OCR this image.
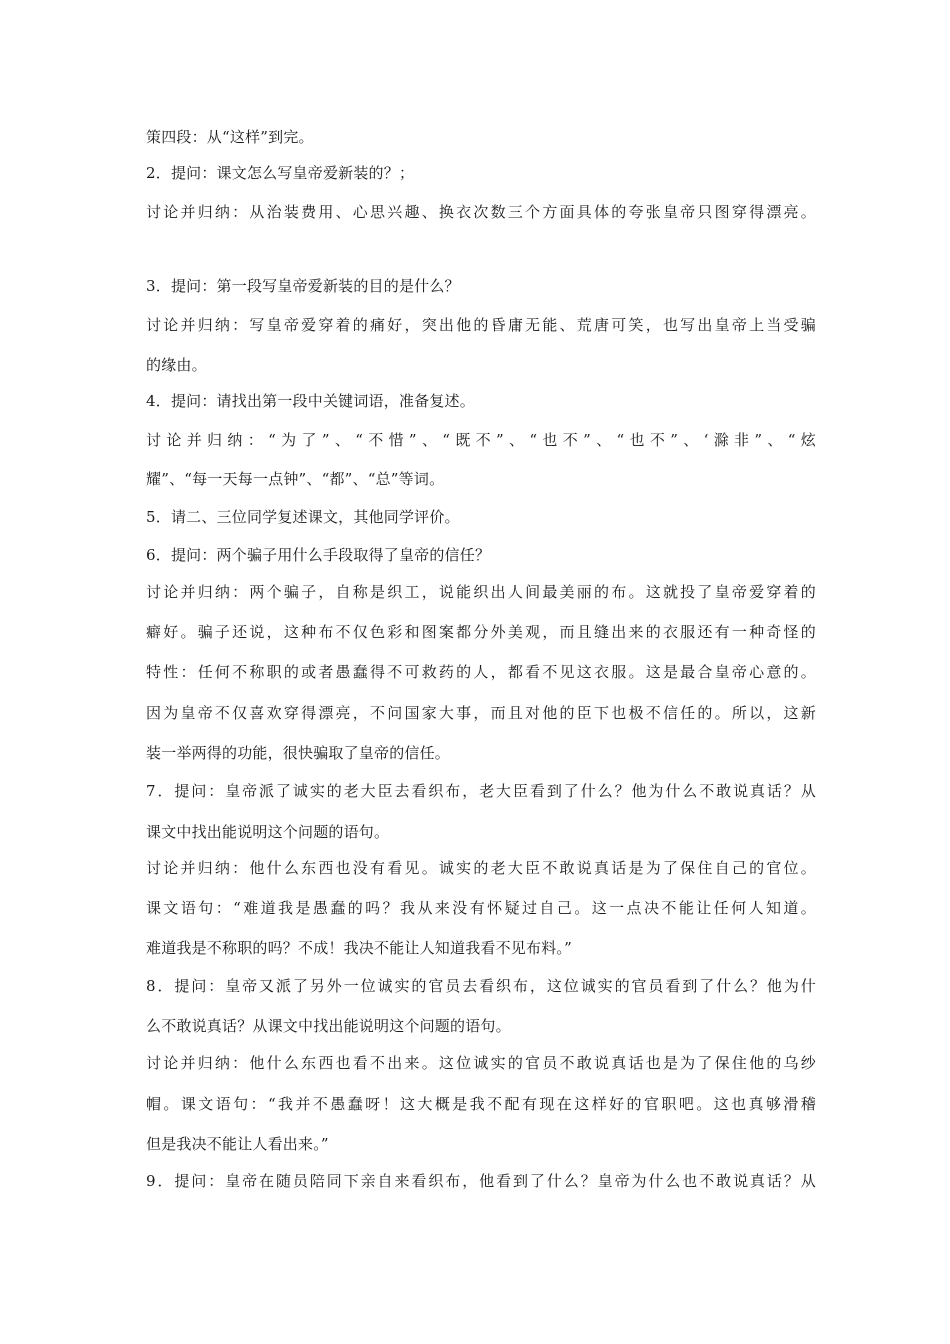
策四段：从“这样”到完。
2．提问：课文怎么写皇帝爱新装的？；
讨论并归纳：从治装费用、心思兴趣、换衣次数三个方面具体的夸张皇帝只图穿得漂亮。
3．提问：第一段写皇帝爱新装的目的是什么？
讨论并归纳：写皇帝爱穿着的痛好，突出他的昏庸无能、荒唐可笑，也写出皇帝上当受骗
的缘由。
4．提问：请找出第一段中关键词语，准备复述。
讨论并归纳：“为了”、“不惜”、“既不”、“也不”、“也不”、‘滁非”、“炫
耀”、“每一天每一点钟”、“都”、“总”等词。
5．请二、三位同学复述课文，其他同学评价。
6．提问：两个骗子用什么手段取得了皇帝的信任？
讨论并归纳：两个骗子，自称是织工，说能织出人间最美丽的布。这就投了皇帝爱穿着的
癖好。骗子还说，这种布不仅色彩和图案都分外美观，而且缝出来的衣服还有一种奇怪的
特性：任何不称职的或者愚蠢得不可救药的人，都看不见这衣服。这是最合皇帝心意的。
因为皇帝不仅喜欢穿得漂亮，不问国家大事，而且对他的臣下也极不信任的。所以，这新
装一举两得的功能，很快骗取了皇帝的信任。
7．提问：皇帝派了诚实的老大臣去看织布，老大臣看到了什么？他为什么不敢说真话？从
课文中找出能说明这个问题的语句。
讨论并归纳：他什么东西也没有看见。诚实的老大臣不敢说真话是为了保住自己的官位。
课文语句：“难道我是愚蠢的吗？我从来没有怀疑过自己。这一点决不能让任何人知道。
难道我是不称职的吗？不成！我决不能让人知道我看不见布料。”
8．提问：皇帝又派了另外一位诚实的官员去看织布，这位诚实的官员看到了什么？他为什
么不敢说真话？从课文中找出能说明这个问题的语句。
讨论并归纳：他什么东西也看不出来。这位诚实的官员不敢说真话也是为了保住他的乌纱
帽。课文语句：“我并不愚蠢呀！这大概是我不配有现在这样好的官职吧。这也真够滑稽
但是我决不能让人看出来。”
9．提问：皇帝在随员陪同下亲自来看织布，他看到了什么？皇帝为什么也不敢说真话？从
